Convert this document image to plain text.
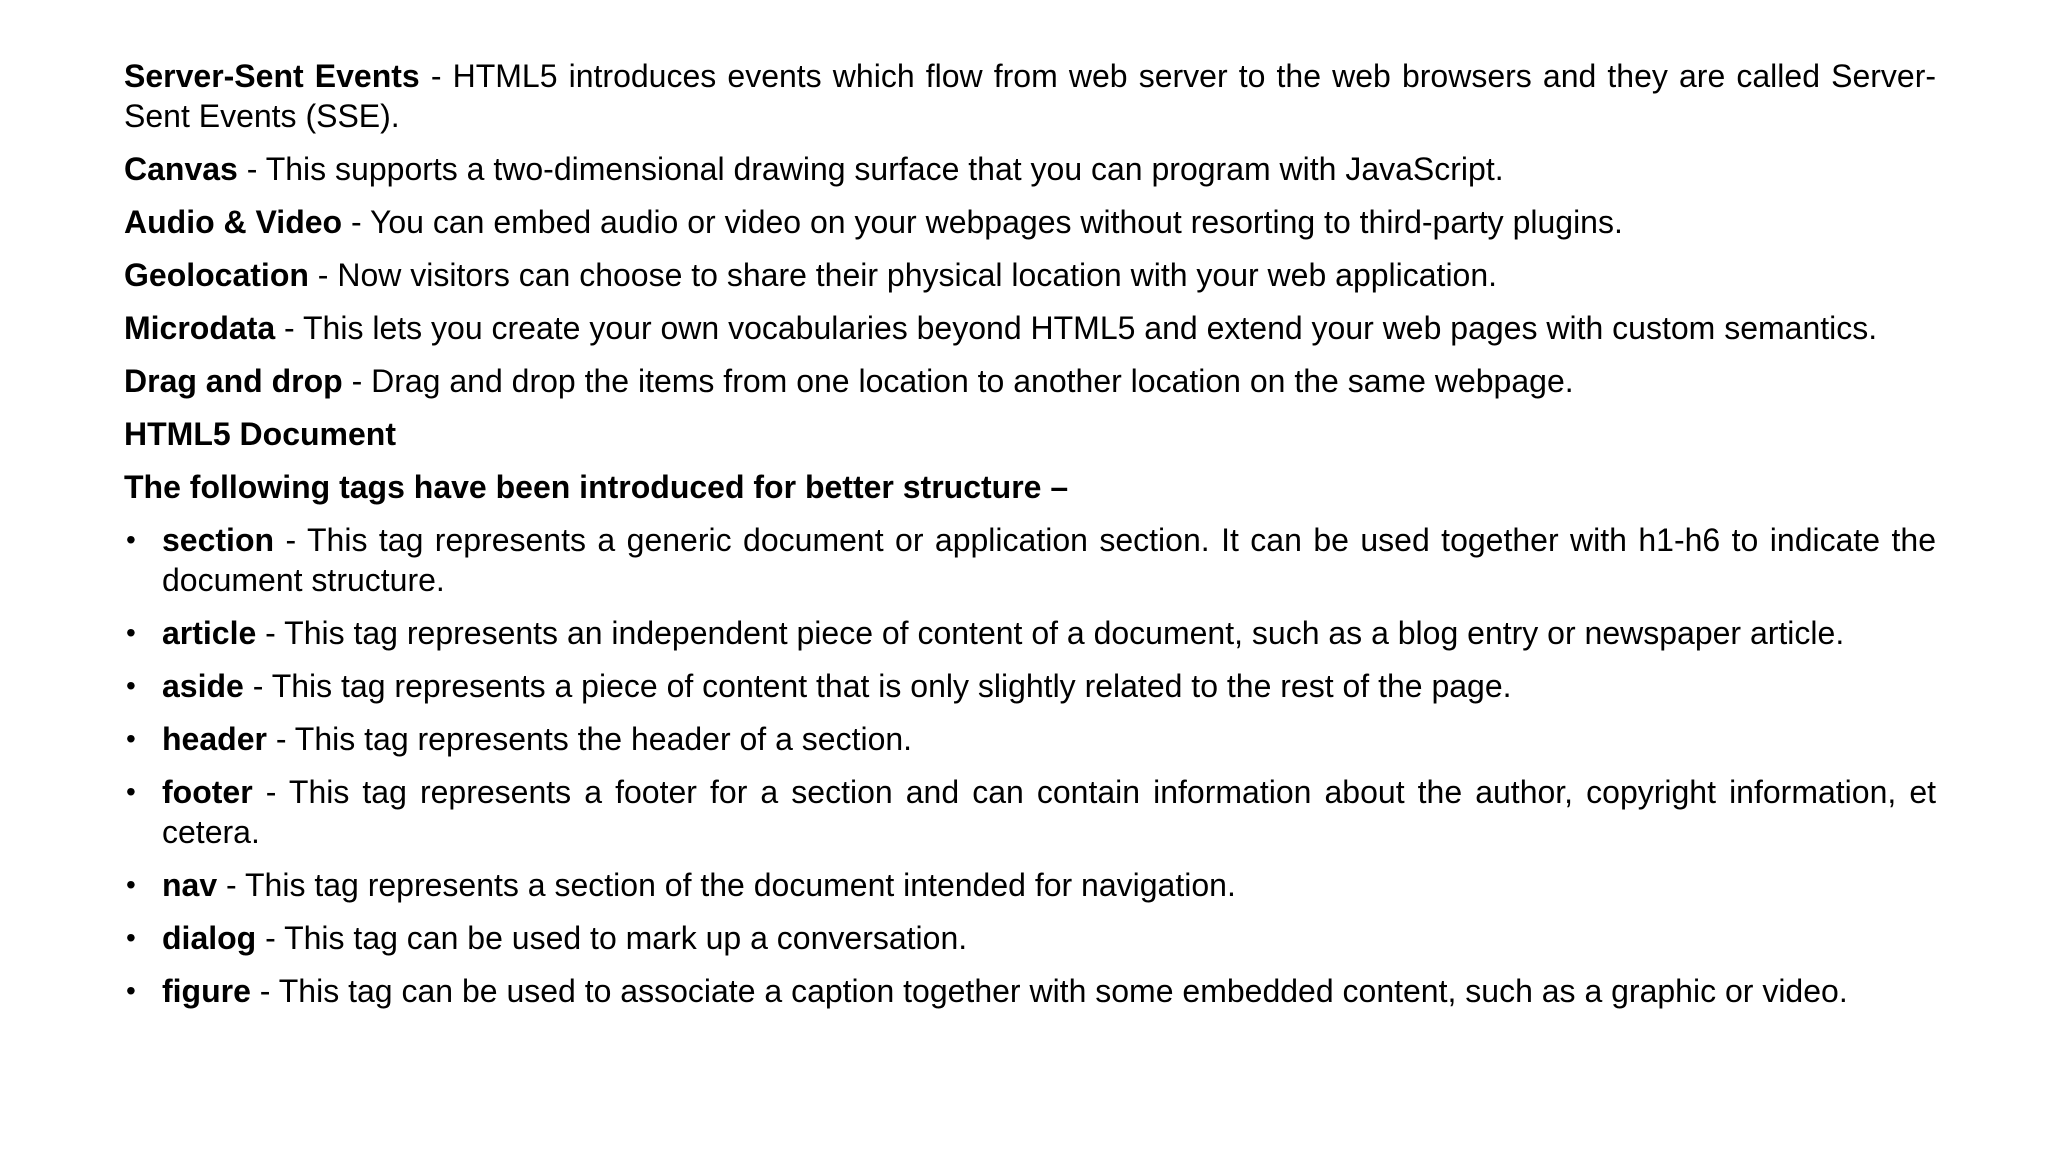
Server-Sent Events - HTML5 introduces events which flow from web server to the web browsers and they are called Server-Sent Events (SSE).

Canvas - This supports a two-dimensional drawing surface that you can program with JavaScript.

Audio & Video - You can embed audio or video on your webpages without resorting to third-party plugins.

Geolocation - Now visitors can choose to share their physical location with your web application.

Microdata - This lets you create your own vocabularies beyond HTML5 and extend your web pages with custom semantics.

Drag and drop - Drag and drop the items from one location to another location on the same webpage.

HTML5 Document

The following tags have been introduced for better structure –

• section - This tag represents a generic document or application section. It can be used together with h1-h6 to indicate the document structure.
• article - This tag represents an independent piece of content of a document, such as a blog entry or newspaper article.
• aside - This tag represents a piece of content that is only slightly related to the rest of the page.
• header - This tag represents the header of a section.
• footer - This tag represents a footer for a section and can contain information about the author, copyright information, et cetera.
• nav - This tag represents a section of the document intended for navigation.
• dialog - This tag can be used to mark up a conversation.
• figure - This tag can be used to associate a caption together with some embedded content, such as a graphic or video.
